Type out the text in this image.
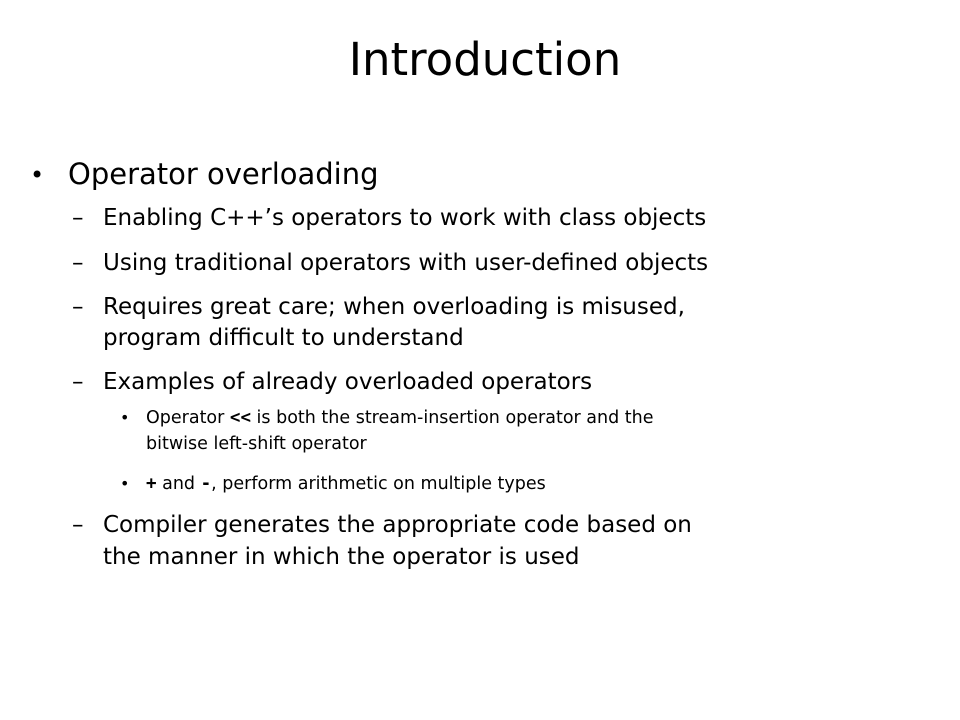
Introduction
• Operator overloading
– Enabling C++’s operators to work with class objects
– Using traditional operators with user-defined objects
– Requires great care; when overloading is misused,
program difficult to understand
– Examples of already overloaded operators
• Operator << is both the stream-insertion operator and the
bitwise left-shift operator
• + and -, perform arithmetic on multiple types
– Compiler generates the appropriate code based on
the manner in which the operator is used
